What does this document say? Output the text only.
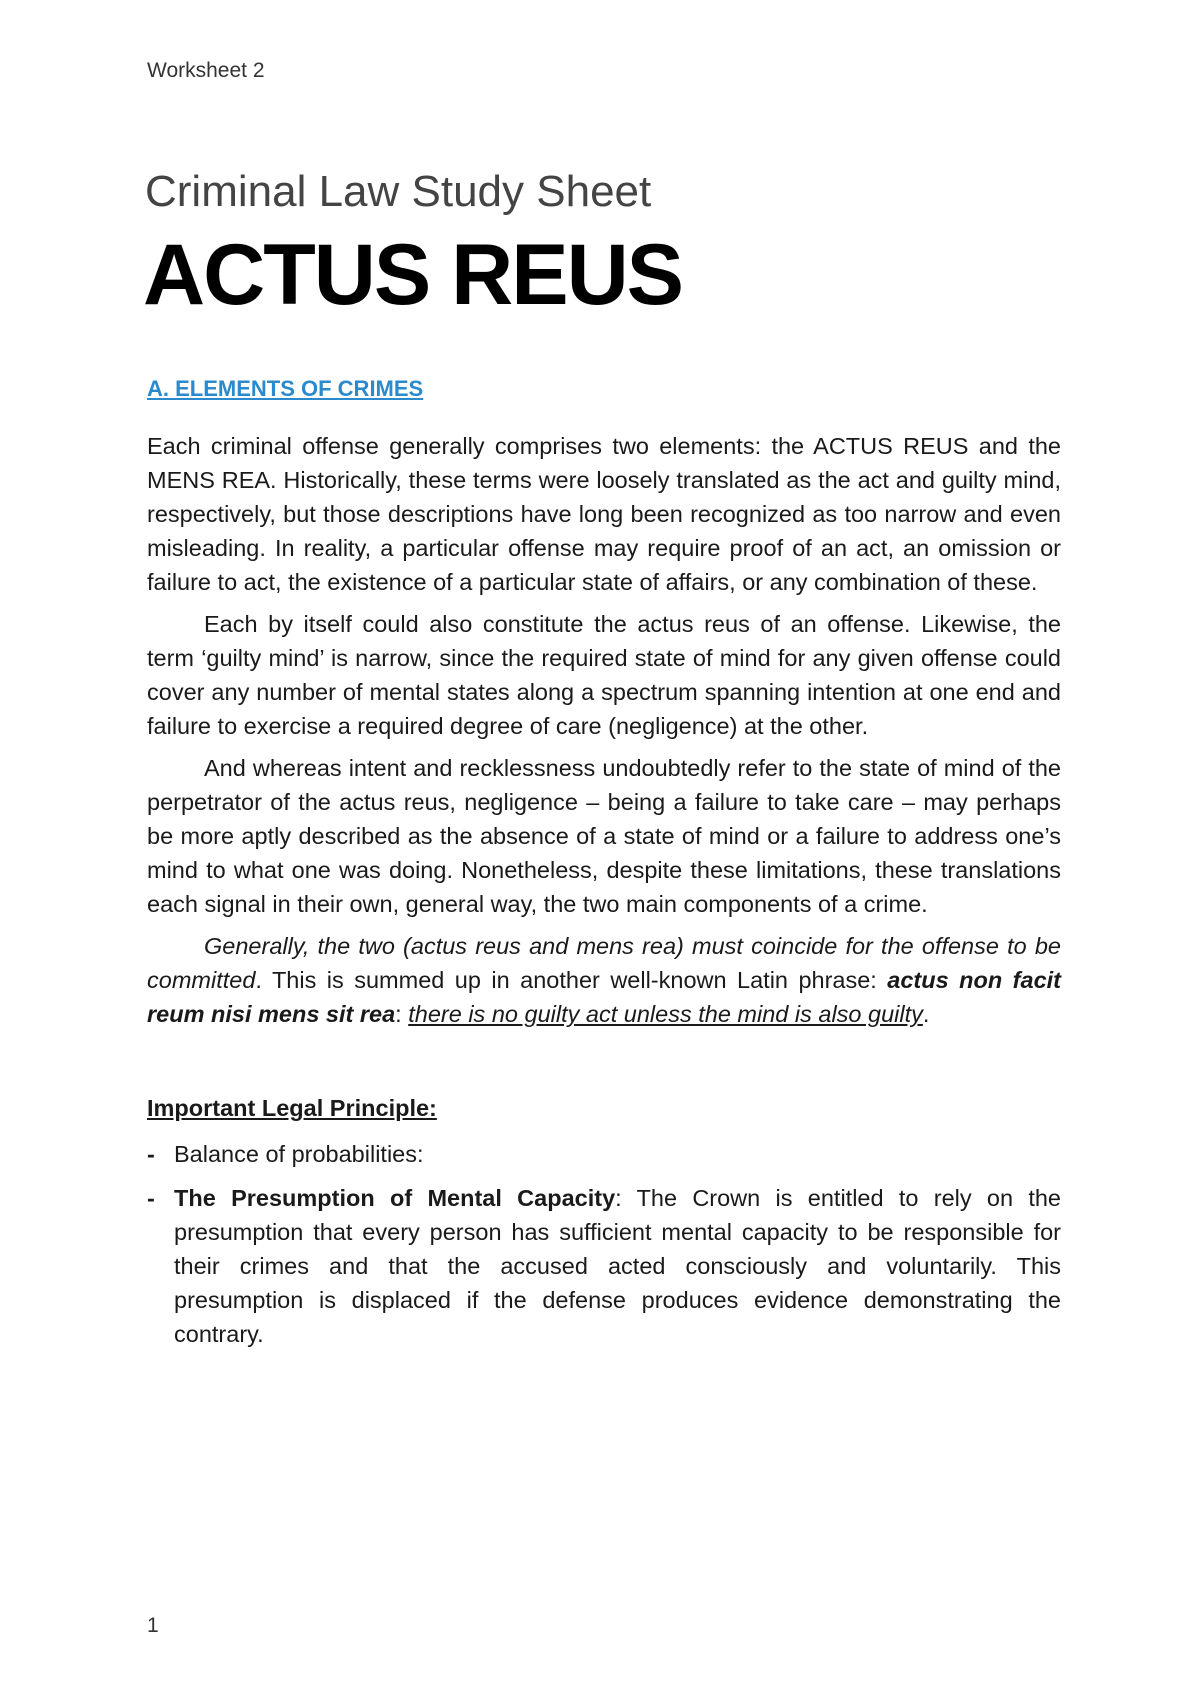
Worksheet 2
Criminal Law Study Sheet
ACTUS REUS
A. ELEMENTS OF CRIMES

Each criminal offense generally comprises two elements: the ACTUS REUS and the MENS REA. Historically, these terms were loosely translated as the act and guilty mind, respectively, but those descriptions have long been recognized as too narrow and even misleading. In reality, a particular offense may require proof of an act, an omission or failure to act, the existence of a particular state of affairs, or any combination of these.

Each by itself could also constitute the actus reus of an offense. Likewise, the term ‘guilty mind’ is narrow, since the required state of mind for any given offense could cover any number of mental states along a spectrum spanning intention at one end and failure to exercise a required degree of care (negligence) at the other.

And whereas intent and recklessness undoubtedly refer to the state of mind of the perpetrator of the actus reus, negligence – being a failure to take care – may perhaps be more aptly described as the absence of a state of mind or a failure to address one’s mind to what one was doing. Nonetheless, despite these limitations, these translations each signal in their own, general way, the two main components of a crime.

Generally, the two (actus reus and mens rea) must coincide for the offense to be committed. This is summed up in another well-known Latin phrase: actus non facit reum nisi mens sit rea: there is no guilty act unless the mind is also guilty.

Important Legal Principle:
- Balance of probabilities:
- The Presumption of Mental Capacity: The Crown is entitled to rely on the presumption that every person has sufficient mental capacity to be responsible for their crimes and that the accused acted consciously and voluntarily. This presumption is displaced if the defense produces evidence demonstrating the contrary.
1
